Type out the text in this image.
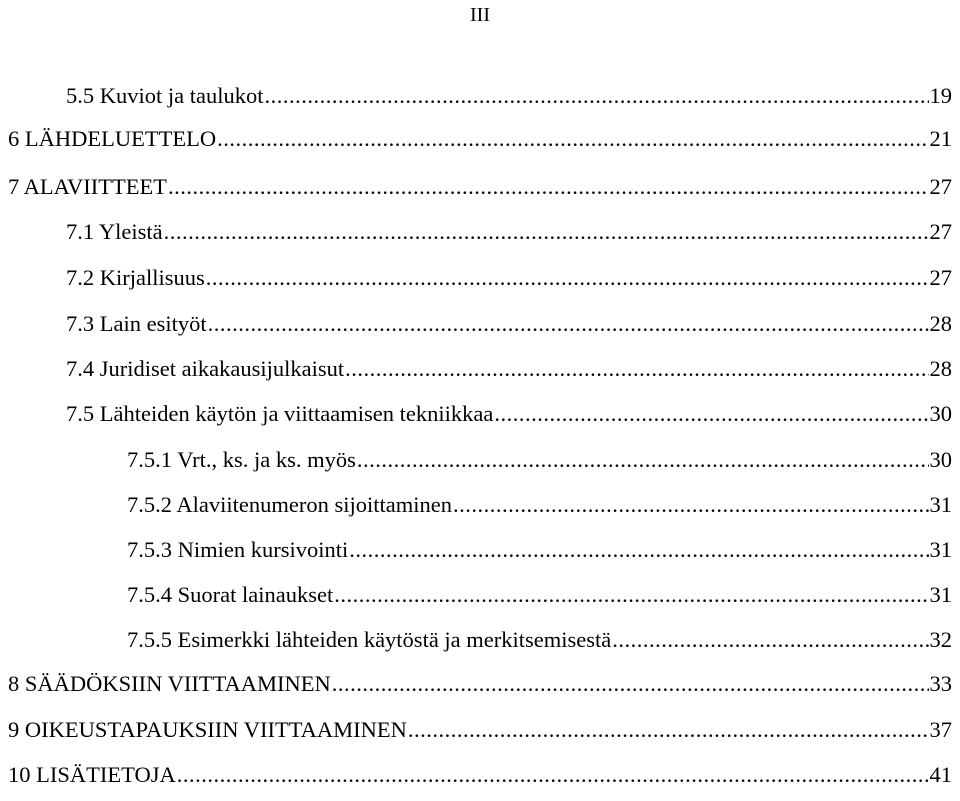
III
5.5 Kuviot ja taulukot .....	19
6 LÄHDELUETTELO .....	21
7 ALAVIITTEET .....	27
7.1 Yleistä .....	27
7.2 Kirjallisuus .....	27
7.3 Lain esityöt .....	28
7.4 Juridiset aikakausijulkaisut .....	28
7.5 Lähteiden käytön ja viittaamisen tekniikkaa .....	30
7.5.1 Vrt., ks. ja ks. myös .....	30
7.5.2 Alaviitenumeron sijoittaminen .....	31
7.5.3 Nimien kursivointi .....	31
7.5.4 Suorat lainaukset .....	31
7.5.5 Esimerkki lähteiden käytöstä ja merkitsemisestä .....	32
8 SÄÄDÖKSIIN VIITTAAMINEN .....	33
9 OIKEUSTAPAUKSIIN VIITTAAMINEN .....	37
10 LISÄTIETOJA .....	41
